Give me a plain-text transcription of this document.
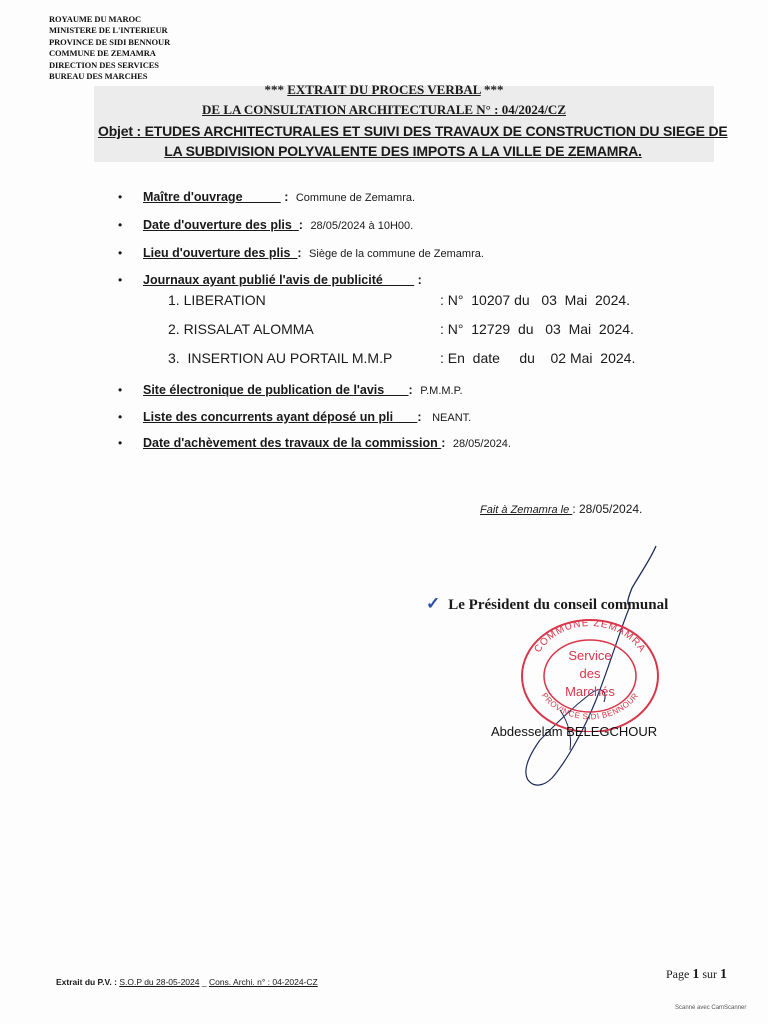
ROYAUME DU MAROC
MINISTERE DE L'INTERIEUR
PROVINCE DE SIDI BENNOUR
COMMUNE DE ZEMAMRA
DIRECTION DES SERVICES
BUREAU DES MARCHES
*** EXTRAIT DU PROCES VERBAL ***
DE LA CONSULTATION ARCHITECTURALE N° : 04/2024/CZ
Objet : ETUDES ARCHITECTURALES ET SUIVI DES TRAVAUX DE CONSTRUCTION DU SIEGE DE
LA SUBDIVISION POLYVALENTE DES IMPOTS A LA VILLE DE ZEMAMRA.
•	Maître d'ouvrage : Commune de Zemamra.
•	Date d'ouverture des plis : 28/05/2024 à 10H00.
•	Lieu d'ouverture des plis : Siège de la commune de Zemamra.
•	Journaux ayant publié l'avis de publicité :
1. LIBERATION	: N°  10207 du   03  Mai  2024.
2. RISSALAT ALOMMA	: N°  12729  du   03  Mai  2024.
3.  INSERTION AU PORTAIL M.M.P	: En  date     du    02 Mai  2024.
•	Site électronique de publication de l'avis : P.M.M.P.
•	Liste des concurrents ayant déposé un pli : NEANT.
•	Date d'achèvement des travaux de la commission : 28/05/2024.
Fait à Zemamra le : 28/05/2024.
✓ Le Président du conseil communal
COMMUNE ZEMAMRA
PROVINCE SIDI BENNOUR
Service
des
Marchés
Abdesselam BELEGCHOUR
Extrait du P.V. : S.O.P du 28-05-2024 _ Cons. Archi. n° : 04-2024-CZ
Page 1 sur 1
Scanné avec CamScanner
